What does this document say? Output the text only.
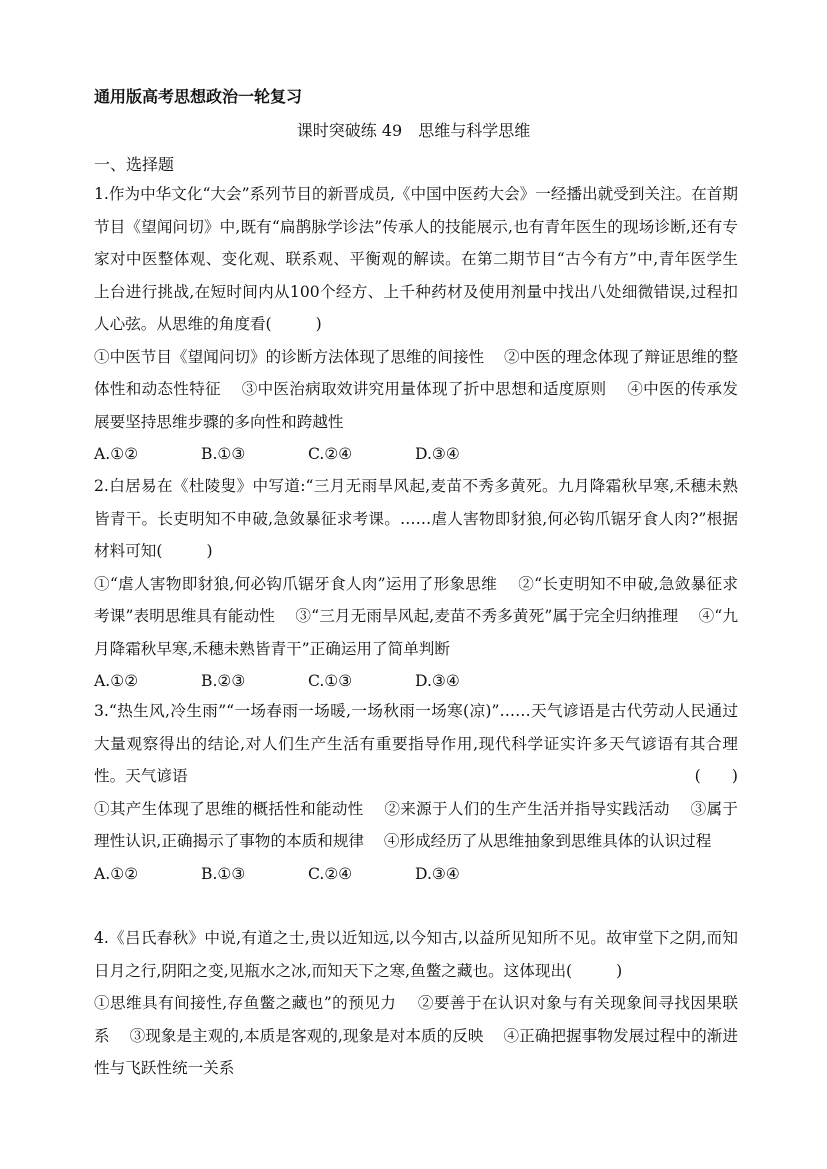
通用版高考思想政治一轮复习
课时突破练 49　思维与科学思维
一、选择题

1.作为中华文化“大会”系列节目的新晋成员,《中国中医药大会》一经播出就受到关注。在首期节目《望闻问切》中,既有“扁鹊脉学诊法”传承人的技能展示,也有青年医生的现场诊断,还有专家对中医整体观、变化观、联系观、平衡观的解读。在第二期节目“古今有方”中,青年医学生上台进行挑战,在短时间内从100个经方、上千种药材及使用剂量中找出八处细微错误,过程扣人心弦。从思维的角度看(	)

①中医节目《望闻问切》的诊断方法体现了思维的间接性 ②中医的理念体现了辩证思维的整体性和动态性特征 ③中医治病取效讲究用量体现了折中思想和适度原则 ④中医的传承发展要坚持思维步骤的多向性和跨越性

A.①②	B.①③	C.②④	D.③④

2.白居易在《杜陵叟》中写道:“三月无雨旱风起,麦苗不秀多黄死。九月降霜秋早寒,禾穗未熟皆青干。长吏明知不申破,急敛暴征求考课。……虐人害物即豺狼,何必钩爪锯牙食人肉?”根据材料可知(	)

①“虐人害物即豺狼,何必钩爪锯牙食人肉”运用了形象思维 ②“长吏明知不申破,急敛暴征求考课”表明思维具有能动性 ③“三月无雨旱风起,麦苗不秀多黄死”属于完全归纳推理 ④“九月降霜秋早寒,禾穗未熟皆青干”正确运用了简单判断

A.①②	B.②③	C.①③	D.③④

3.“热生风,冷生雨”“一场春雨一场暖,一场秋雨一场寒(凉)”……天气谚语是古代劳动人民通过大量观察得出的结论,对人们生产生活有重要指导作用,现代科学证实许多天气谚语有其合理性。天气谚语	(　　)

①其产生体现了思维的概括性和能动性 ②来源于人们的生产生活并指导实践活动 ③属于理性认识,正确揭示了事物的本质和规律 ④形成经历了从思维抽象到思维具体的认识过程

A.①②	B.①③	C.②④	D.③④

4.《吕氏春秋》中说,有道之士,贵以近知远,以今知古,以益所见知所不见。故审堂下之阴,而知日月之行,阴阳之变,见瓶水之冰,而知天下之寒,鱼鳖之藏也。这体现出(	)

①思维具有间接性,存鱼鳖之藏也”的预见力 ②要善于在认识对象与有关现象间寻找因果联系 ③现象是主观的,本质是客观的,现象是对本质的反映 ④正确把握事物发展过程中的渐进性与飞跃性统一关系
